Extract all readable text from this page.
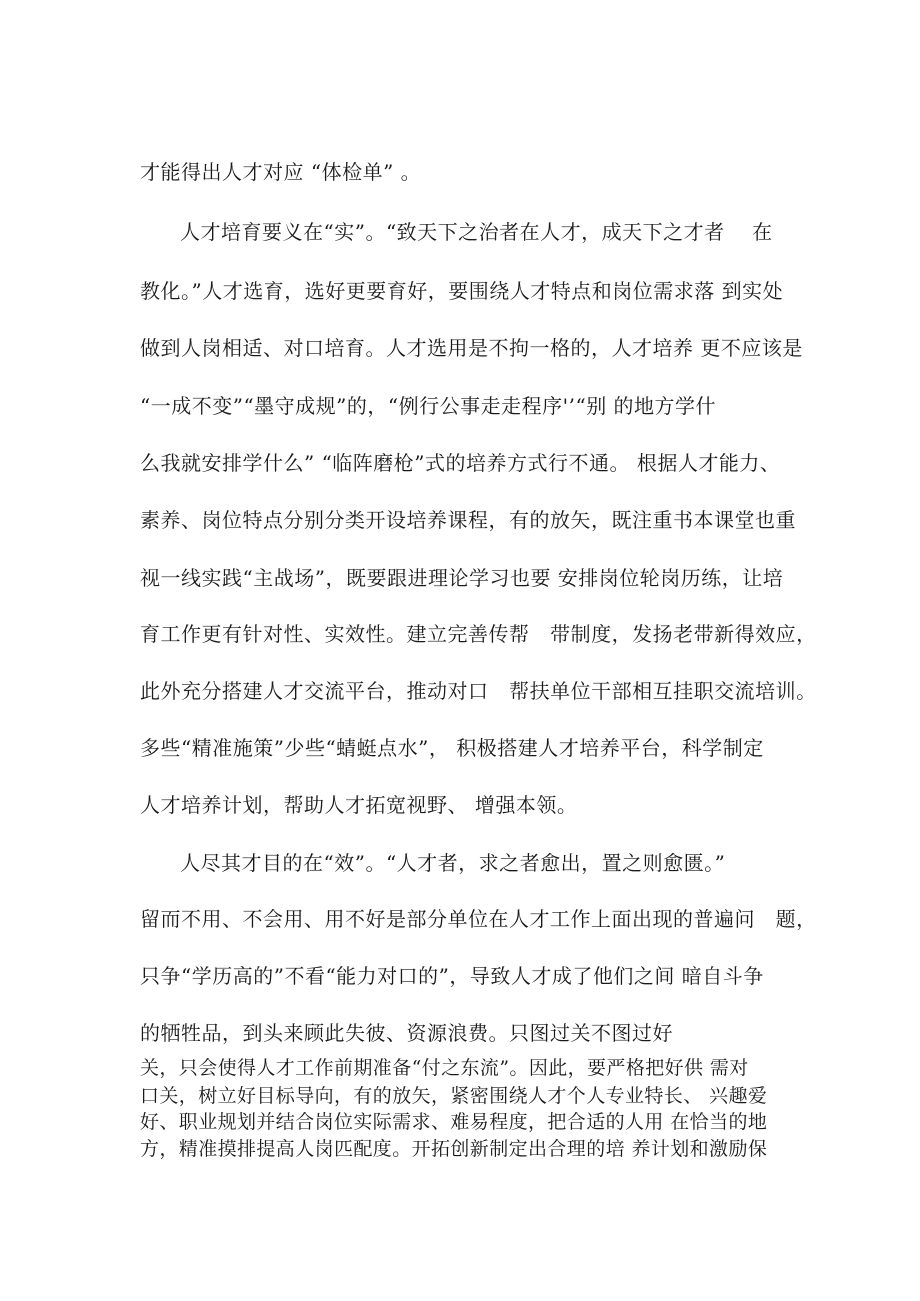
才能得出人才对应 “体检单” 。
人才培育要义在“实”。“致天下之治者在人才，成天下之才者    在
教化。”人才选育，选好更要育好，要围绕人才特点和岗位需求落 到实处
做到人岗相适、对口培育。人才选用是不拘一格的，人才培养 更不应该是
“一成不变”“墨守成规”的，“例行公事走走程序'’“别 的地方学什
么我就安排学什么” “临阵磨枪”式的培养方式行不通。 根据人才能力、
素养、岗位特点分别分类开设培养课程，有的放矢，既注重书本课堂也重
视一线实践“主战场”，既要跟进理论学习也要 安排岗位轮岗历练，让培
育工作更有针对性、实效性。建立完善传帮   带制度，发扬老带新得效应，
此外充分搭建人才交流平台，推动对口   帮扶单位干部相互挂职交流培训。
多些“精准施策”少些“蜻蜓点水”， 积极搭建人才培养平台，科学制定
人才培养计划，帮助人才拓宽视野、 增强本领。
人尽其才目的在“效”。“人才者，求之者愈出，置之则愈匮。”
留而不用、不会用、用不好是部分单位在人才工作上面出现的普遍问   题，
只争“学历高的”不看“能力对口的”，导致人才成了他们之间 暗自斗争
的牺牲品，到头来顾此失彼、资源浪费。只图过关不图过好
关，只会使得人才工作前期准备“付之东流”。因此，要严格把好供 需对
口关，树立好目标导向，有的放矢，紧密围绕人才个人专业特长、 兴趣爱
好、职业规划并结合岗位实际需求、难易程度，把合适的人用 在恰当的地
方，精准摸排提高人岗匹配度。开拓创新制定出合理的培 养计划和激励保
